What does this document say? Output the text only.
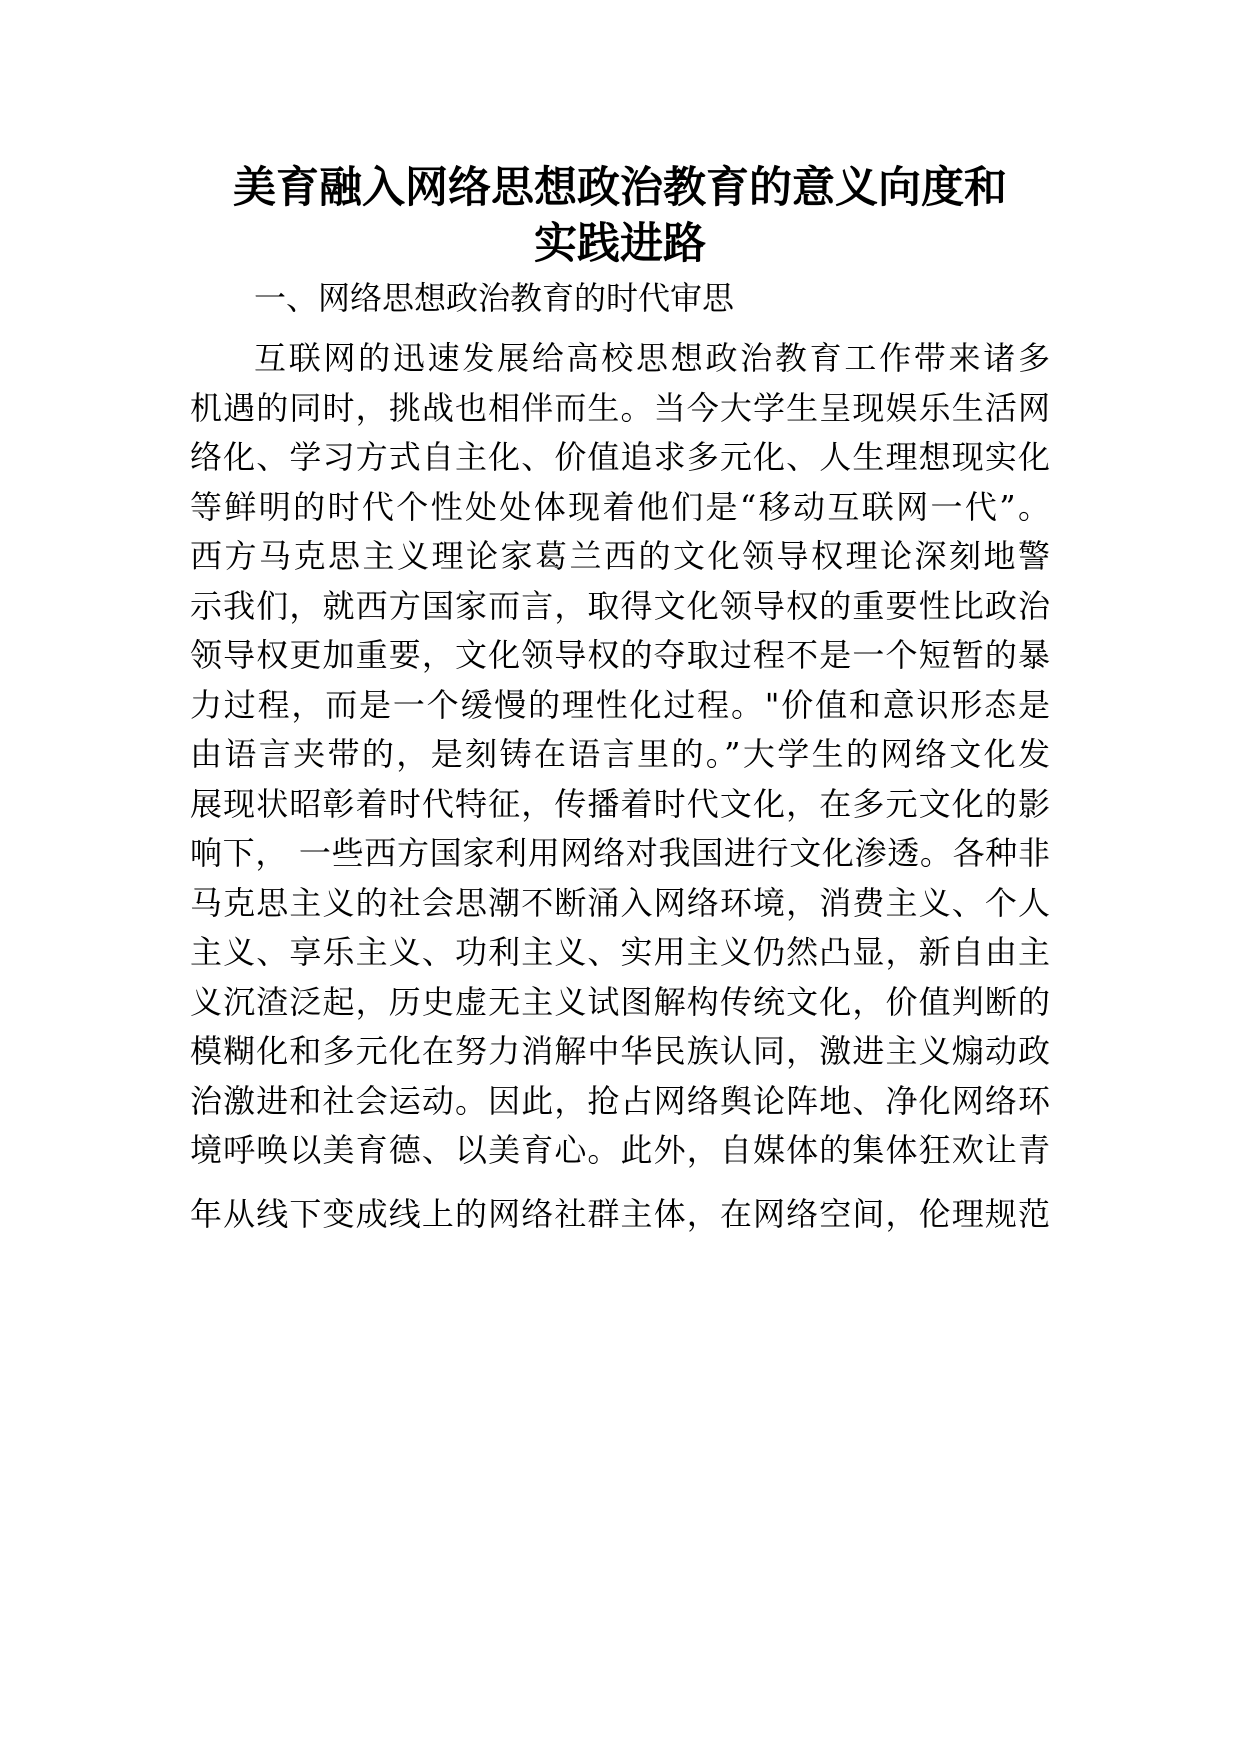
美育融入网络思想政治教育的意义向度和
实践进路
一、网络思想政治教育的时代审思
互联网的迅速发展给高校思想政治教育工作带来诸多
机遇的同时，挑战也相伴而生。当今大学生呈现娱乐生活网
络化、学习方式自主化、价值追求多元化、人生理想现实化
等鲜明的时代个性处处体现着他们是“移动互联网一代”。
西方马克思主义理论家葛兰西的文化领导权理论深刻地警
示我们，就西方国家而言，取得文化领导权的重要性比政治
领导权更加重要，文化领导权的夺取过程不是一个短暂的暴
力过程，而是一个缓慢的理性化过程。"价值和意识形态是
由语言夹带的，是刻铸在语言里的。”大学生的网络文化发
展现状昭彰着时代特征，传播着时代文化，在多元文化的影
响下， 一些西方国家利用网络对我国进行文化渗透。各种非
马克思主义的社会思潮不断涌入网络环境，消费主义、个人
主义、享乐主义、功利主义、实用主义仍然凸显，新自由主
义沉渣泛起，历史虚无主义试图解构传统文化，价值判断的
模糊化和多元化在努力消解中华民族认同，激进主义煽动政
治激进和社会运动。因此，抢占网络舆论阵地、净化网络环
境呼唤以美育德、以美育心。此外，自媒体的集体狂欢让青
年从线下变成线上的网络社群主体，在网络空间，伦理规范
